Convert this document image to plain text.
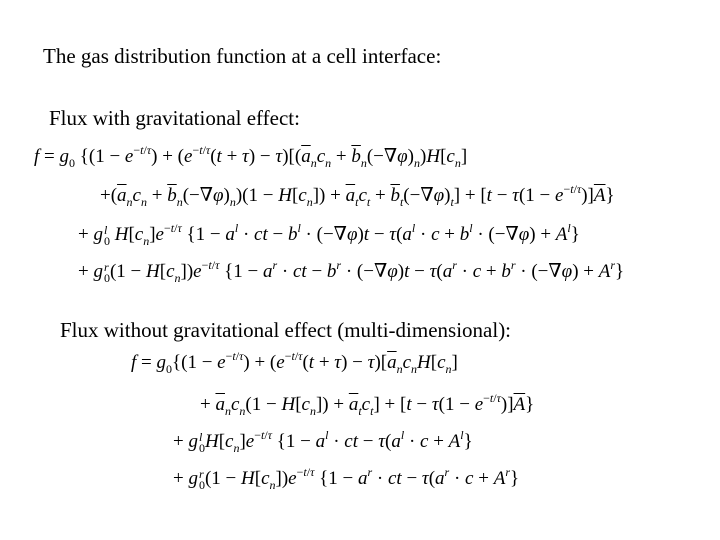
The gas distribution function at a cell interface:
Flux with gravitational effect:
$f = g_0$ {$(1 - e^{-t/\tau}) + (e^{-t/\tau}(t + \tau) - \tau)[(\overline{a}_nc_n + \overline{b}_n(-\nabla\varphi)_n)H[c_n]$
$+(\overline{a}_nc_n + \overline{b}_n(-\nabla\varphi)_n)(1 - H[c_n]) + \overline{a}_tc_t + \overline{b}_t(-\nabla\varphi)_t] + [t - \tau(1 - e^{-t/\tau})]\overline{A}$}
+ g l
0 $H[c_n]e^{-t/\tau}$ {$1 - a^l$ · ct − $b^l \cdot (-\nabla\varphi)t - \tau(a^l \cdot c + b^l \cdot (-\nabla\varphi) + A^l\}$
+ g r
0 $(1 - H[c_n])e^{-t/\tau}$ {$1 - a^r$ · ct − $b^r \cdot (-\nabla\varphi)t - \tau(a^r \cdot c + b^r \cdot (-\nabla\varphi) + A^r\}$
Flux without gravitational effect (multi-dimensional):
$f = g_0\{(1 - e^{-t/\tau}) + (e^{-t/\tau}(t + \tau) - \tau)[\overline{a}_nc_nH[c_n]$
+ $\overline{a}_nc_n(1 - H[c_n]) + \overline{a}_tc_t] + [t - \tau(1 - e^{-t/\tau})]\overline{A}$}
+ g l
0 $H[c_n]e^{-t/\tau}$ {$1 - a^l$ · ct − $\tau(a^l \cdot c + A^l\}$
+ g r
0 $(1 - H[c_n])e^{-t/\tau}$ {$1 - a^r$ · ct − $\tau(a^r \cdot c + A^r\}$
